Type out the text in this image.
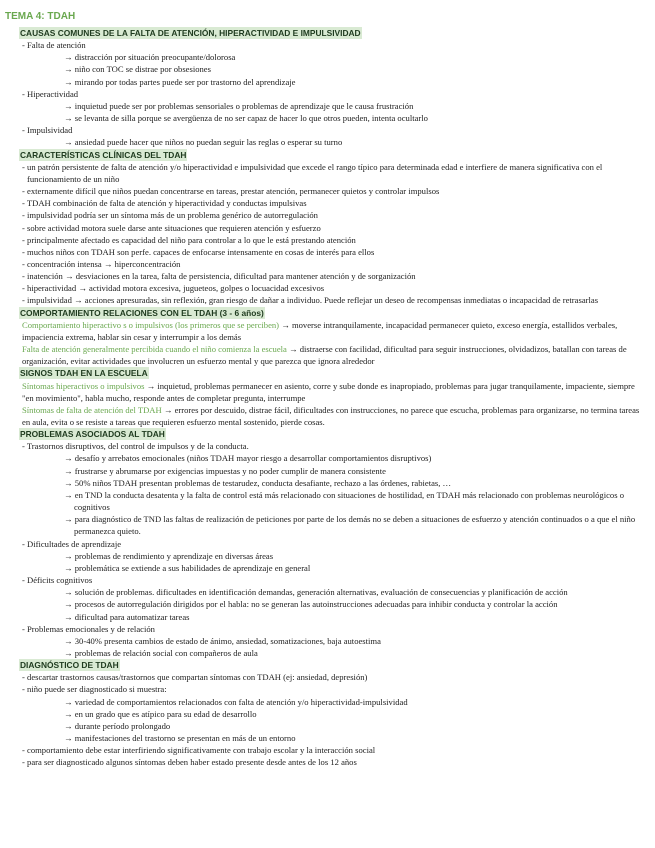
TEMA 4: TDAH
CAUSAS COMUNES DE LA FALTA DE ATENCIÓN, HIPERACTIVIDAD E IMPULSIVIDAD
- Falta de atención
→ distracción por situación preocupante/dolorosa
→ niño con TOC se distrae por obsesiones
→ mirando por todas partes puede ser por trastorno del aprendizaje
- Hiperactividad
→ inquietud puede ser por problemas sensoriales o problemas de aprendizaje que le causa frustración
→ se levanta de silla porque se avergüenza de no ser capaz de hacer lo que otros pueden, intenta ocultarlo
- Impulsividad
→ ansiedad puede hacer que niños no puedan seguir las reglas o esperar su turno
CARACTERÍSTICAS CLÍNICAS DEL TDAH
- un patrón persistente de falta de atención y/o hiperactividad e impulsividad que excede el rango típico para determinada edad e interfiere de manera significativa con el funcionamiento de un niño
- externamente difícil que niños puedan concentrarse en tareas, prestar atención, permanecer quietos y controlar impulsos
- TDAH combinación de falta de atención y hiperactividad y conductas impulsivas
- impulsividad podría ser un síntoma más de un problema genérico de autorregulación
- sobre actividad motora suele darse ante situaciones que requieren atención y esfuerzo
- principalmente afectado es capacidad del niño para controlar a lo que le está prestando atención
- muchos niños con TDAH son perfe. capaces de enfocarse intensamente en cosas de interés para ellos
- concentración intensa → hiperconcentración
- inatención → desviaciones en la tarea, falta de persistencia, dificultad para mantener atención y de sorganización
- hiperactividad → actividad motora excesiva, jugueteos, golpes o locuacidad excesivos
- impulsividad → acciones apresuradas, sin reflexión, gran riesgo de dañar a individuo. Puede reflejar un deseo de recompensas inmediatas o incapacidad de retrasarlas
COMPORTAMIENTO RELACIONES CON EL TDAH (3 - 6 años)

Comportamiento hiperactivo s o impulsivos (los primeros que se perciben) → moverse intranquilamente, incapacidad permanecer quieto, exceso energía, estallidos verbales, impaciencia extrema, hablar sin cesar y interrumpir a los demás

Falta de atención generalmente percibida cuando el niño comienza la escuela → distraerse con facilidad, dificultad para seguir instrucciones, olvidadizos, batallan con tareas de organización, evitar actividades que involucren un esfuerzo mental y que parezca que ignora alrededor

SIGNOS TDAH EN LA ESCUELA

Síntomas hiperactivos o impulsivos → inquietud, problemas permanecer en asiento, corre y sube donde es inapropiado, problemas para jugar tranquilamente, impaciente, siempre "en movimiento", habla mucho, responde antes de completar pregunta, interrumpe

Síntomas de falta de atención del TDAH → errores por descuido, distrae fácil, dificultades con instrucciones, no parece que escucha, problemas para organizarse, no termina tareas en aula, evita o se resiste a tareas que requieren esfuerzo mental sostenido, pierde cosas.

PROBLEMAS ASOCIADOS AL TDAH
- Trastornos disruptivos, del control de impulsos y de la conducta.
→ desafío y arrebatos emocionales (niños TDAH mayor riesgo a desarrollar comportamientos disruptivos)
→ frustrarse y abrumarse por exigencias impuestas y no poder cumplir de manera consistente
→ 50% niños TDAH presentan problemas de testarudez, conducta desafiante, rechazo a las órdenes, rabietas, …
→ en TND la conducta desatenta y la falta de control está más relacionado con situaciones de hostilidad, en TDAH más relacionado con problemas neurológicos o cognitivos
→ para diagnóstico de TND las faltas de realización de peticiones por parte de los demás no se deben a situaciones de esfuerzo y atención continuados o a que el niño permanezca quieto.
- Dificultades de aprendizaje
→ problemas de rendimiento y aprendizaje en diversas áreas
→ problemática se extiende a sus habilidades de aprendizaje en general
- Déficits cognitivos
→ solución de problemas. dificultades en identificación demandas, generación alternativas, evaluación de consecuencias y planificación de acción
→ procesos de autorregulación dirigidos por el habla: no se generan las autoinstrucciones adecuadas para inhibir conducta y controlar la acción
→ dificultad para automatizar tareas
- Problemas emocionales y de relación
→ 30-40% presenta cambios de estado de ánimo, ansiedad, somatizaciones, baja autoestima
→ problemas de relación social con compañeros de aula
DIAGNÓSTICO DE TDAH
- descartar trastornos causas/trastornos que compartan síntomas con TDAH (ej: ansiedad, depresión)
- niño puede ser diagnosticado si muestra:
→ variedad de comportamientos relacionados con falta de atención y/o hiperactividad-impulsividad
→ en un grado que es atípico para su edad de desarrollo
→ durante período prolongado
→ manifestaciones del trastorno se presentan en más de un entorno
- comportamiento debe estar interfiriendo significativamente con trabajo escolar y la interacción social
- para ser diagnosticado algunos síntomas deben haber estado presente desde antes de los 12 años
